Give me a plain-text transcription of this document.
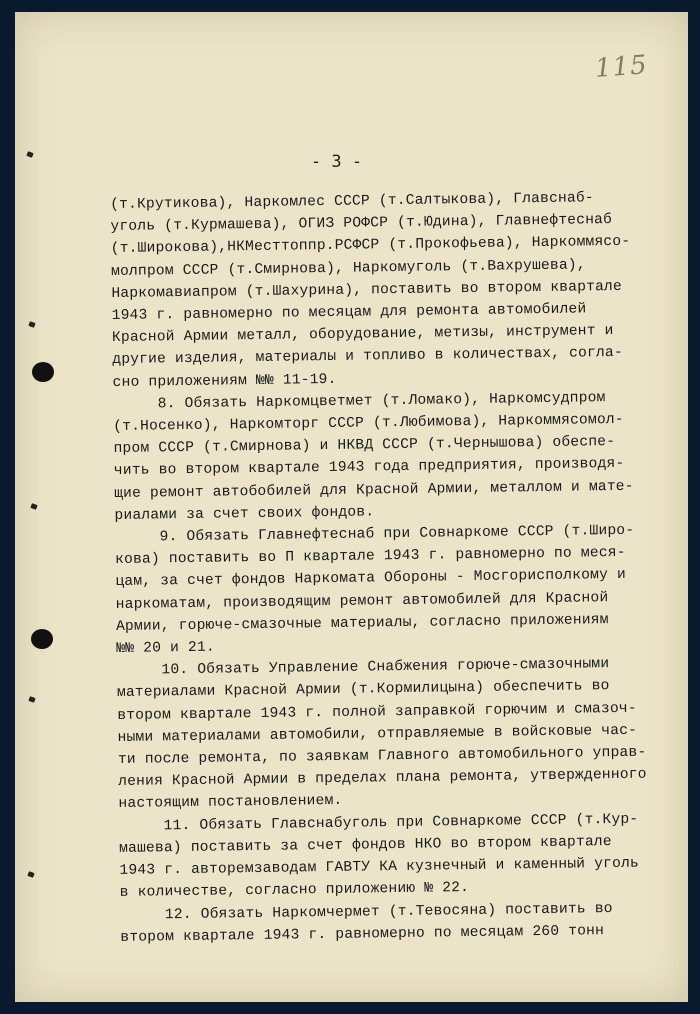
115
- 3 -
(т.Крутикова), Наркомлес СССР (т.Салтыкова), Главснаб-
уголь (т.Курмашева), ОГИЗ РОФСР (т.Юдина), Главнефтеснаб
(т.Широкова),НКМесттоппр.РСФСР (т.Прокофьева), Наркоммясо-
молпром СССР (т.Смирнова), Наркомуголь (т.Вахрушева),
Наркомавиапром (т.Шахурина), поставить во втором квартале
1943 г. равномерно по месяцам для ремонта автомобилей
Красной Армии металл, оборудование, метизы, инструмент и
другие изделия, материалы и топливо в количествах, согла-
сно приложениям №№ 11-19.
8. Обязать Наркомцветмет (т.Ломако), Наркомсудпром
(т.Носенко), Наркомторг СССР (т.Любимова), Наркоммясомол-
пром СССР (т.Смирнова) и НКВД СССР (т.Чернышова) обеспе-
чить во втором квартале 1943 года предприятия, производя-
щие ремонт автобобилей для Красной Армии, металлом и мате-
риалами за счет своих фондов.
9. Обязать Главнефтеснаб при Совнаркоме СССР (т.Широ-
кова) поставить во П квартале 1943 г. равномерно по меся-
цам, за счет фондов Наркомата Обороны - Мосгорисполкому и
наркоматам, производящим ремонт автомобилей для Красной
Армии, горюче-смазочные материалы, согласно приложениям
№№ 20 и 21.
10. Обязать Управление Снабжения горюче-смазочными
материалами Красной Армии (т.Кормилицына) обеспечить во
втором квартале 1943 г. полной заправкой горючим и смазоч-
ными материалами автомобили, отправляемые в войсковые час-
ти после ремонта, по заявкам Главного автомобильного управ-
ления Красной Армии в пределах плана ремонта, утвержденного
настоящим постановлением.
11. Обязать Главснабуголь при Совнаркоме СССР (т.Кур-
машева) поставить за счет фондов НКО во втором квартале
1943 г. авторемзаводам ГАВТУ КА кузнечный и каменный уголь
в количестве, согласно приложению № 22.
12. Обязать Наркомчермет (т.Тевосяна) поставить во
втором квартале 1943 г. равномерно по месяцам 260 тонн
